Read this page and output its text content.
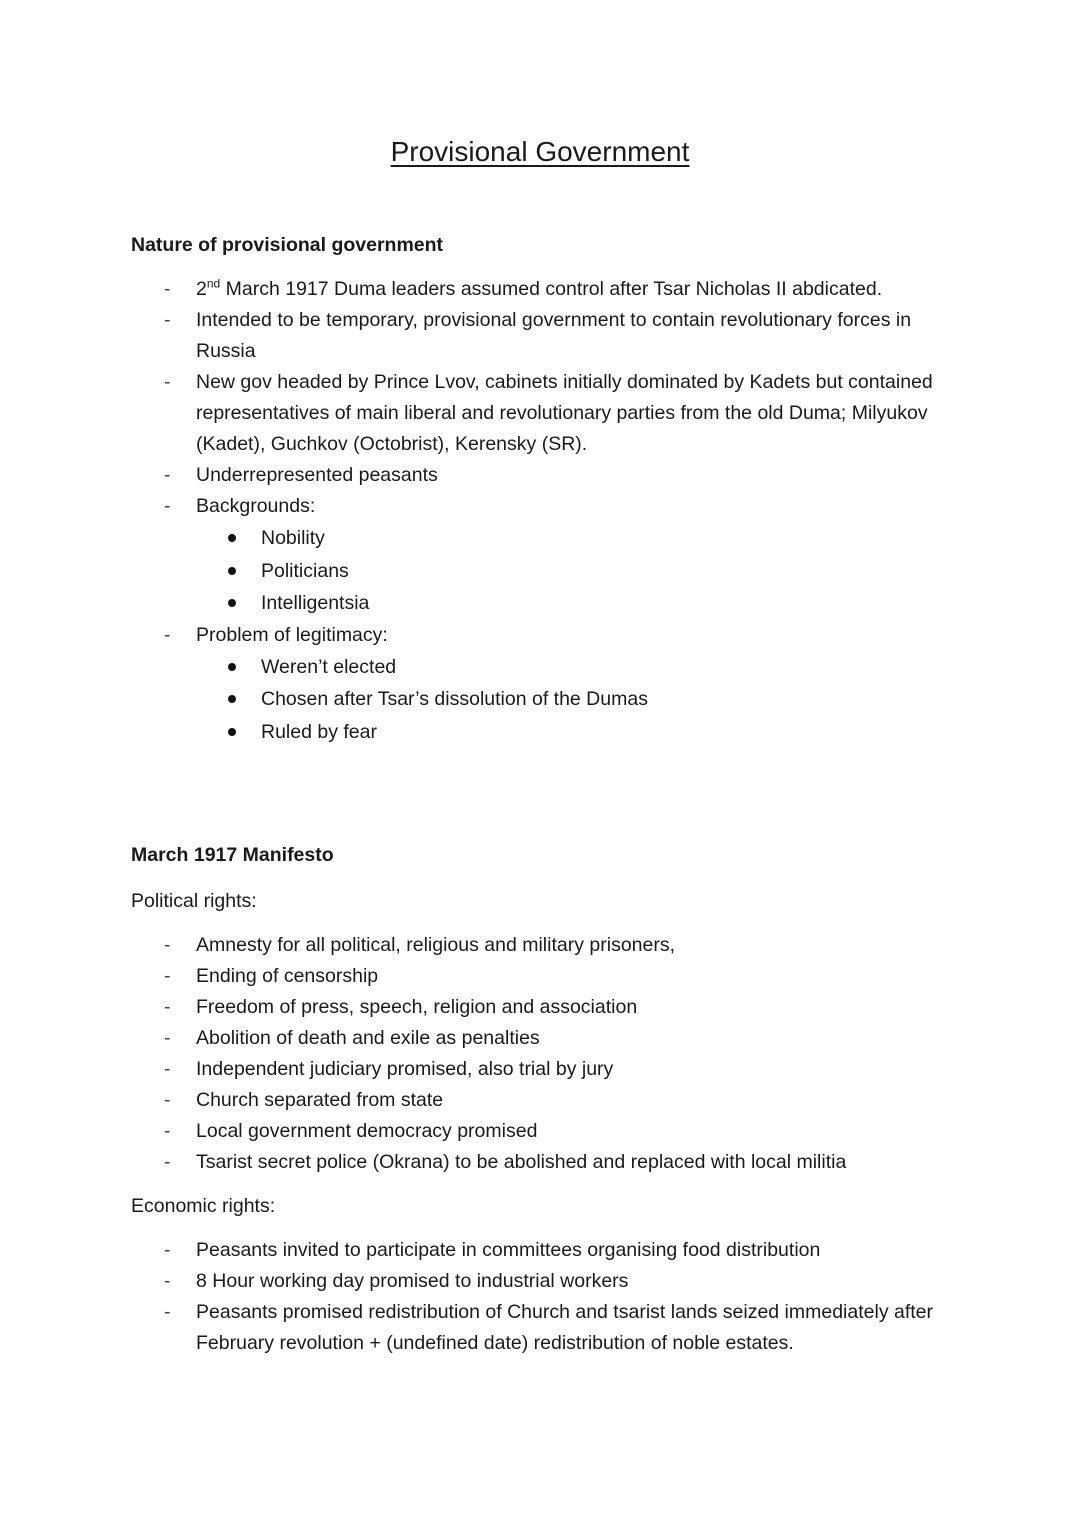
Provisional Government

Nature of provisional government

- 2nd March 1917 Duma leaders assumed control after Tsar Nicholas II abdicated.
- Intended to be temporary, provisional government to contain revolutionary forces in Russia
- New gov headed by Prince Lvov, cabinets initially dominated by Kadets but contained representatives of main liberal and revolutionary parties from the old Duma; Milyukov (Kadet), Guchkov (Octobrist), Kerensky (SR).
- Underrepresented peasants
- Backgrounds:
Nobility
Politicians
Intelligentsia
- Problem of legitimacy:
Weren’t elected
Chosen after Tsar’s dissolution of the Dumas
Ruled by fear

March 1917 Manifesto

Political rights:

- Amnesty for all political, religious and military prisoners,
- Ending of censorship
- Freedom of press, speech, religion and association
- Abolition of death and exile as penalties
- Independent judiciary promised, also trial by jury
- Church separated from state
- Local government democracy promised
- Tsarist secret police (Okrana) to be abolished and replaced with local militia

Economic rights:

- Peasants invited to participate in committees organising food distribution
- 8 Hour working day promised to industrial workers
- Peasants promised redistribution of Church and tsarist lands seized immediately after February revolution + (undefined date) redistribution of noble estates.
